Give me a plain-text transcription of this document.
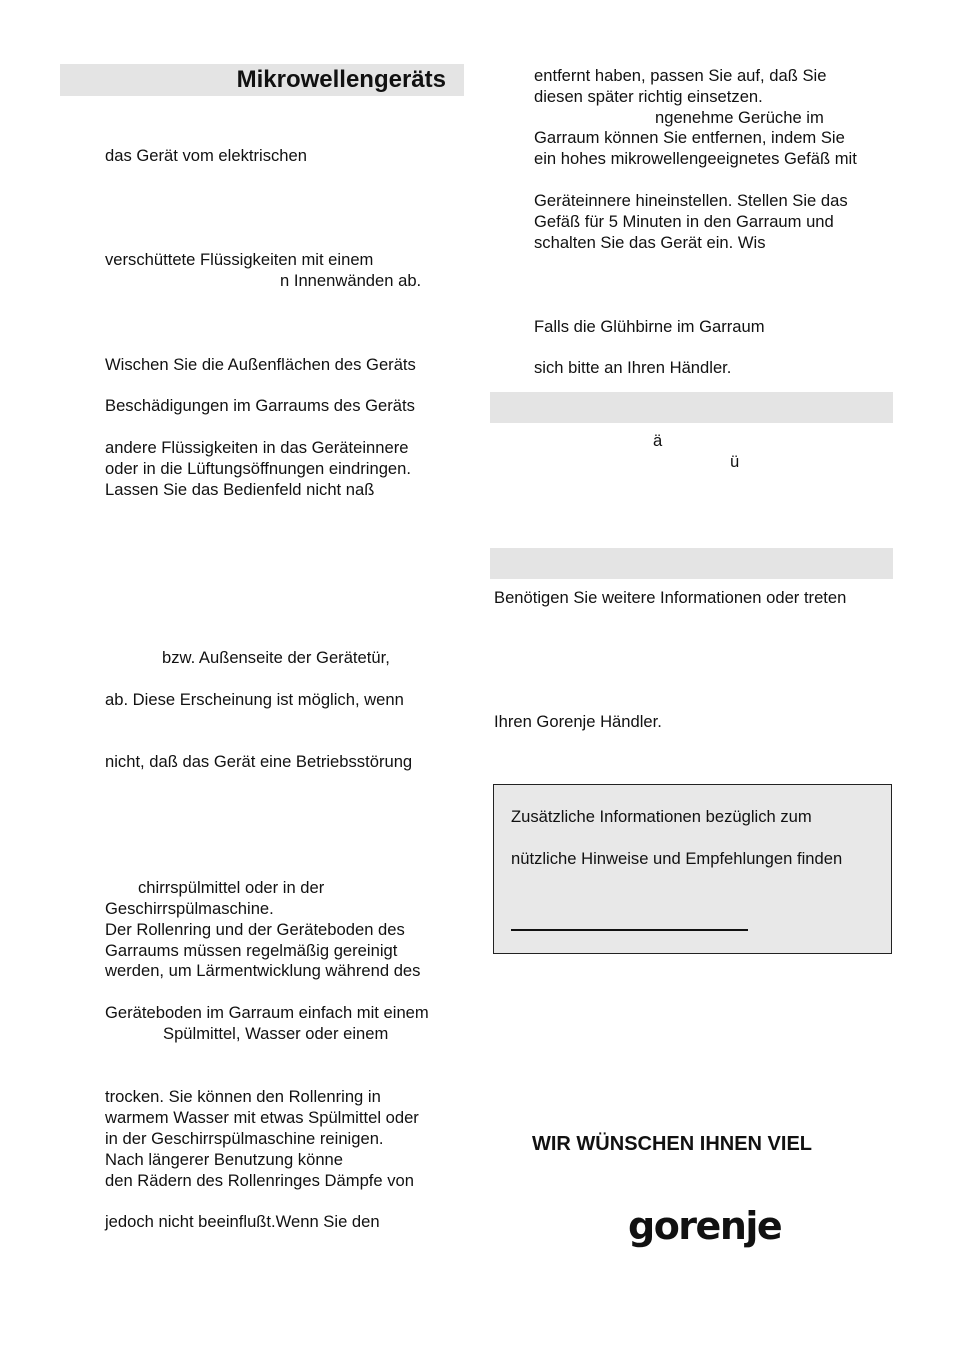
Mikrowellengeräts
das Gerät vom elektrischen
verschüttete Flüssigkeiten mit einem
n Innenwänden ab.
Wischen Sie die Außenflächen des Geräts
Beschädigungen im Garraums des Geräts
andere Flüssigkeiten in das Geräteinnere
oder in die Lüftungsöffnungen eindringen.
Lassen Sie das Bedienfeld nicht naß
bzw. Außenseite der Gerätetür,
ab. Diese Erscheinung ist möglich, wenn
nicht, daß das Gerät eine Betriebsstörung
chirrspülmittel oder in der
Geschirrspülmaschine.
Der Rollenring und der Geräteboden des
Garraums müssen regelmäßig gereinigt
werden, um Lärmentwicklung während des
Geräteboden im Garraum einfach mit einem
Spülmittel, Wasser oder einem
trocken. Sie können den Rollenring in
warmem Wasser mit etwas Spülmittel oder
in der Geschirrspülmaschine reinigen.
Nach längerer Benutzung könne
den Rädern des Rollenringes Dämpfe von
jedoch nicht beeinflußt.Wenn Sie den
entfernt haben, passen Sie auf, daß Sie
diesen später richtig einsetzen.
ngenehme Gerüche im
Garraum können Sie entfernen, indem Sie
ein hohes mikrowellengeeignetes Gefäß mit
Geräteinnere hineinstellen. Stellen Sie das
Gefäß für 5 Minuten in den Garraum und
schalten Sie das Gerät ein. Wis
Falls die Glühbirne im Garraum
sich bitte an Ihren Händler.
ä
ü
Benötigen Sie weitere Informationen oder treten
Ihren Gorenje Händler.
Zusätzliche Informationen bezüglich zum
nützliche Hinweise und Empfehlungen finden
WIR WÜNSCHEN IHNEN VIEL
gorenje
